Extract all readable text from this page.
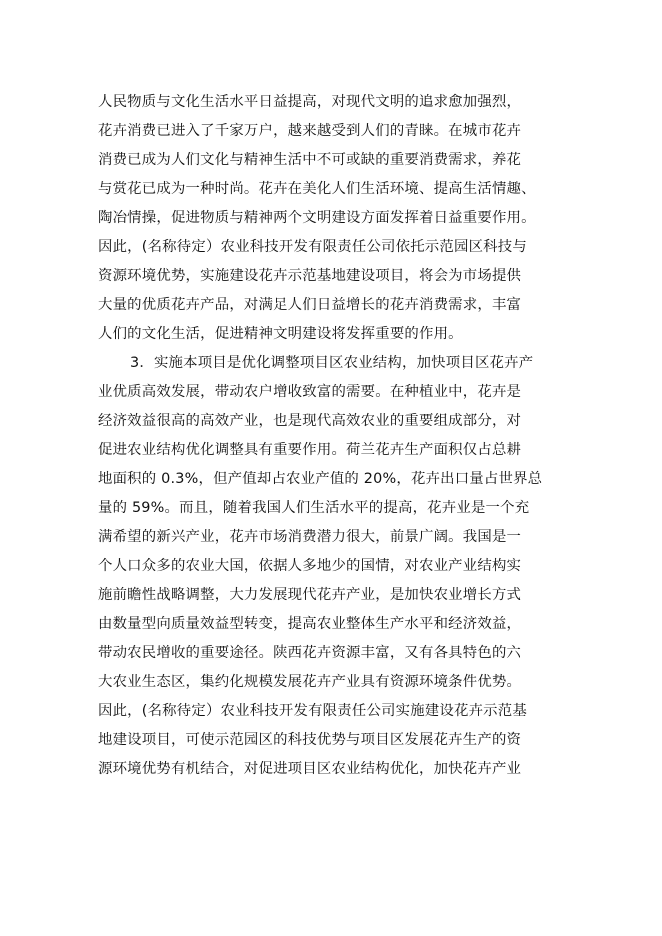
人民物质与文化生活水平日益提高，对现代文明的追求愈加强烈，
花卉消费已进入了千家万户，越来越受到人们的青睐。在城市花卉
消费已成为人们文化与精神生活中不可或缺的重要消费需求，养花
与赏花已成为一种时尚。花卉在美化人们生活环境、提高生活情趣、
陶冶情操，促进物质与精神两个文明建设方面发挥着日益重要作用。
因此，(名称待定）农业科技开发有限责任公司依托示范园区科技与
资源环境优势，实施建设花卉示范基地建设项目，将会为市场提供
大量的优质花卉产品，对满足人们日益增长的花卉消费需求，丰富
人们的文化生活，促进精神文明建设将发挥重要的作用。
3．实施本项目是优化调整项目区农业结构，加快项目区花卉产
业优质高效发展，带动农户增收致富的需要。在种植业中，花卉是
经济效益很高的高效产业，也是现代高效农业的重要组成部分，对
促进农业结构优化调整具有重要作用。荷兰花卉生产面积仅占总耕
地面积的 0.3%，但产值却占农业产值的 20%，花卉出口量占世界总
量的 59%。而且，随着我国人们生活水平的提高，花卉业是一个充
满希望的新兴产业，花卉市场消费潜力很大，前景广阔。我国是一
个人口众多的农业大国，依据人多地少的国情，对农业产业结构实
施前瞻性战略调整，大力发展现代花卉产业，是加快农业增长方式
由数量型向质量效益型转变，提高农业整体生产水平和经济效益，
带动农民增收的重要途径。陕西花卉资源丰富，又有各具特色的六
大农业生态区，集约化规模发展花卉产业具有资源环境条件优势。
因此，(名称待定）农业科技开发有限责任公司实施建设花卉示范基
地建设项目，可使示范园区的科技优势与项目区发展花卉生产的资
源环境优势有机结合，对促进项目区农业结构优化，加快花卉产业
